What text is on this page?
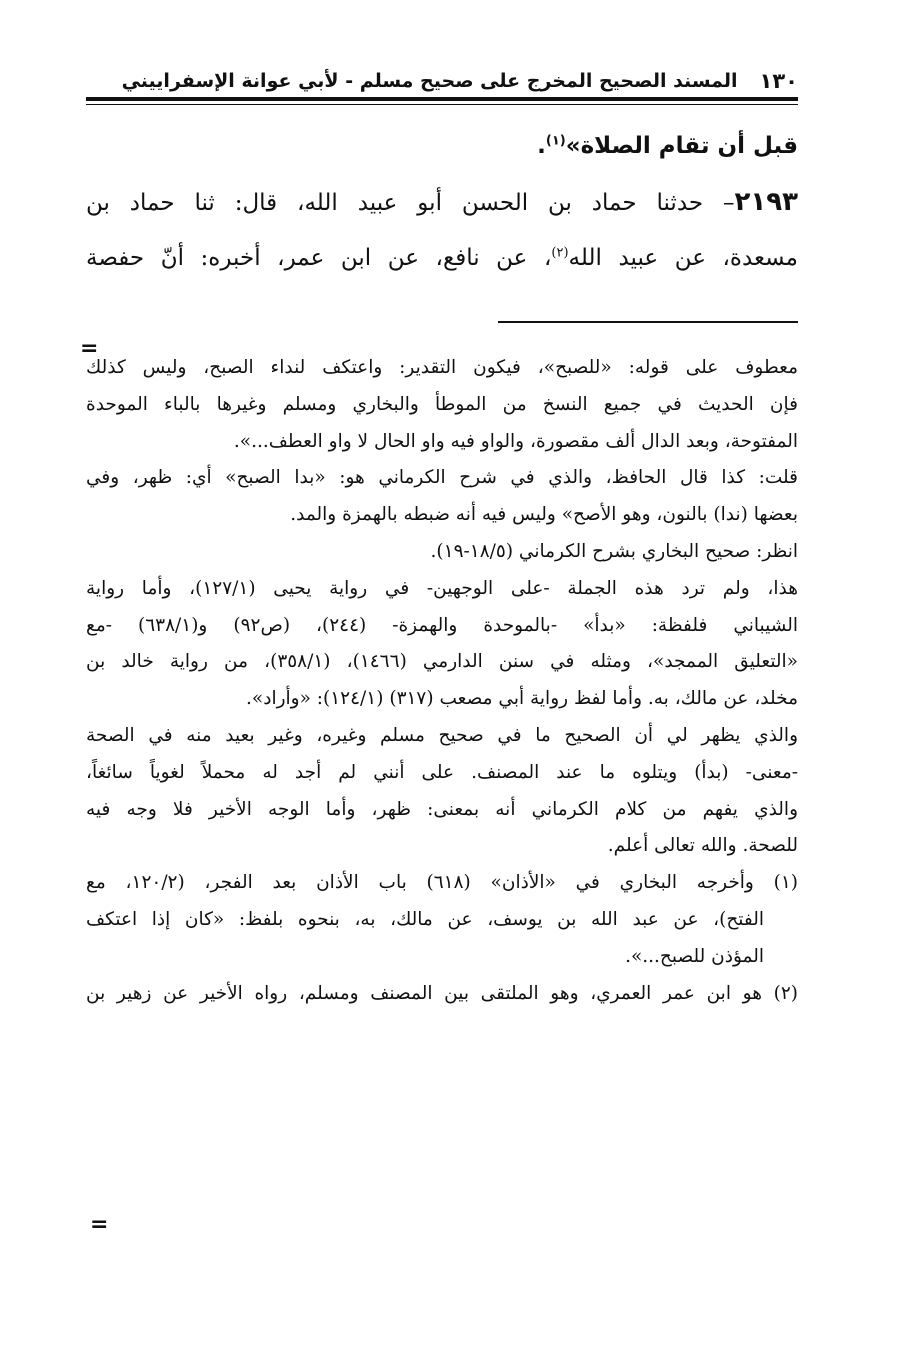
١٣٠
المسند الصحيح المخرج على صحيح مسلم - لأبي عوانة الإسفراييني
قبل أن تقام الصلاة»$^{(١)}$.
٢١٩٣– حدثنا حماد بن الحسن أبو عبيد الله، قال: ثنا حماد بن
مسعدة، عن عبيد الله$^{(٢)}$، عن نافع، عن ابن عمر، أخبره: أنّ حفصة
=
معطوف على قوله: «للصبح»، فيكون التقدير: واعتكف لنداء الصبح، وليس كذلك
فإن الحديث في جميع النسخ من الموطأ والبخاري ومسلم وغيرها بالباء الموحدة
المفتوحة، وبعد الدال ألف مقصورة، والواو فيه واو الحال لا واو العطف...».
قلت: كذا قال الحافظ، والذي في شرح الكرماني هو: «بدا الصبح» أي: ظهر، وفي
بعضها (ندا) بالنون، وهو الأصح» وليس فيه أنه ضبطه بالهمزة والمد.
انظر: صحيح البخاري بشرح الكرماني (١٨/٥-١٩).
هذا، ولم ترد هذه الجملة -على الوجهين- في رواية يحيى (١٢٧/١)، وأما رواية
الشيباني فلفظة: «بدأ» -بالموحدة والهمزة- (٢٤٤)، (ص٩٢) و(٦٣٨/١) -مع
«التعليق الممجد»، ومثله في سنن الدارمي (١٤٦٦)، (٣٥٨/١)، من رواية خالد بن
مخلد، عن مالك، به. وأما لفظ رواية أبي مصعب (٣١٧) (١٢٤/١): «وأراد».
والذي يظهر لي أن الصحيح ما في صحيح مسلم وغيره، وغير بعيد منه في الصحة
-معنى- (بدأ) ويتلوه ما عند المصنف. على أنني لم أجد له محملاً لغوياً سائغاً،
والذي يفهم من كلام الكرماني أنه بمعنى: ظهر، وأما الوجه الأخير فلا وجه فيه
للصحة. والله تعالى أعلم.
(١) وأخرجه البخاري في «الأذان» (٦١٨) باب الأذان بعد الفجر، (١٢٠/٢، مع
الفتح)، عن عبد الله بن يوسف، عن مالك، به، بنحوه بلفظ: «كان إذا اعتكف
المؤذن للصبح...».
(٢) هو ابن عمر العمري، وهو الملتقى بين المصنف ومسلم، رواه الأخير عن زهير بن
=
